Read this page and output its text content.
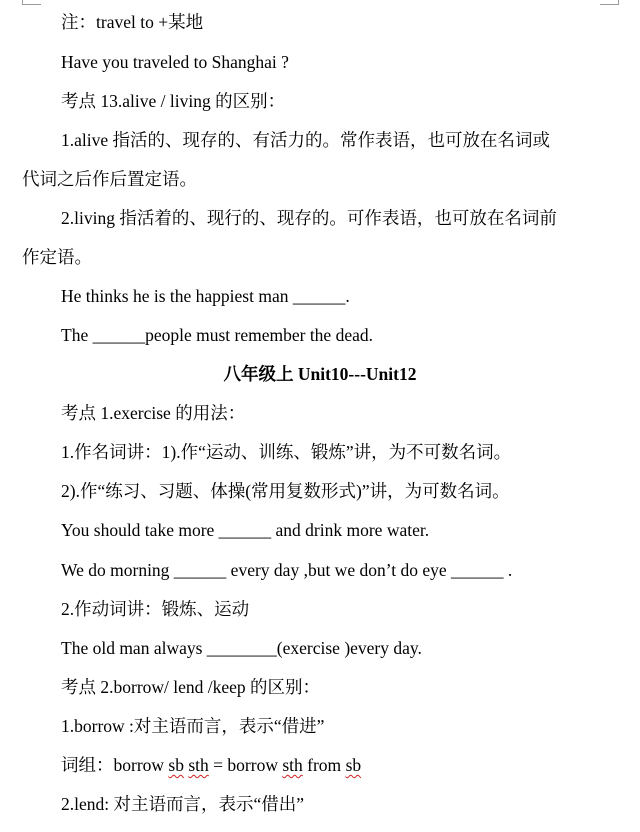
注：travel to +某地
Have you traveled to Shanghai ?
考点 13.alive / living 的区别：
1.alive 指活的、现存的、有活力的。常作表语，也可放在名词或
代词之后作后置定语。
2.living 指活着的、现行的、现存的。可作表语，也可放在名词前
作定语。
He thinks he is the happiest man ______.
The ______people must remember the dead.
八年级上 Unit10---Unit12
考点 1.exercise 的用法：
1.作名词讲：1).作“运动、训练、锻炼”讲，为不可数名词。
2).作“练习、习题、体操(常用复数形式)”讲，为可数名词。
You should take more ______ and drink more water.
We do morning ______ every day ,but we don’t do eye ______ .
2.作动词讲：锻炼、运动
The old man always ________(exercise )every day.
考点 2.borrow/ lend /keep 的区别：
1.borrow :对主语而言，表示“借进”
词组：borrow sb sth = borrow sth from sb
2.lend: 对主语而言，表示“借出”
